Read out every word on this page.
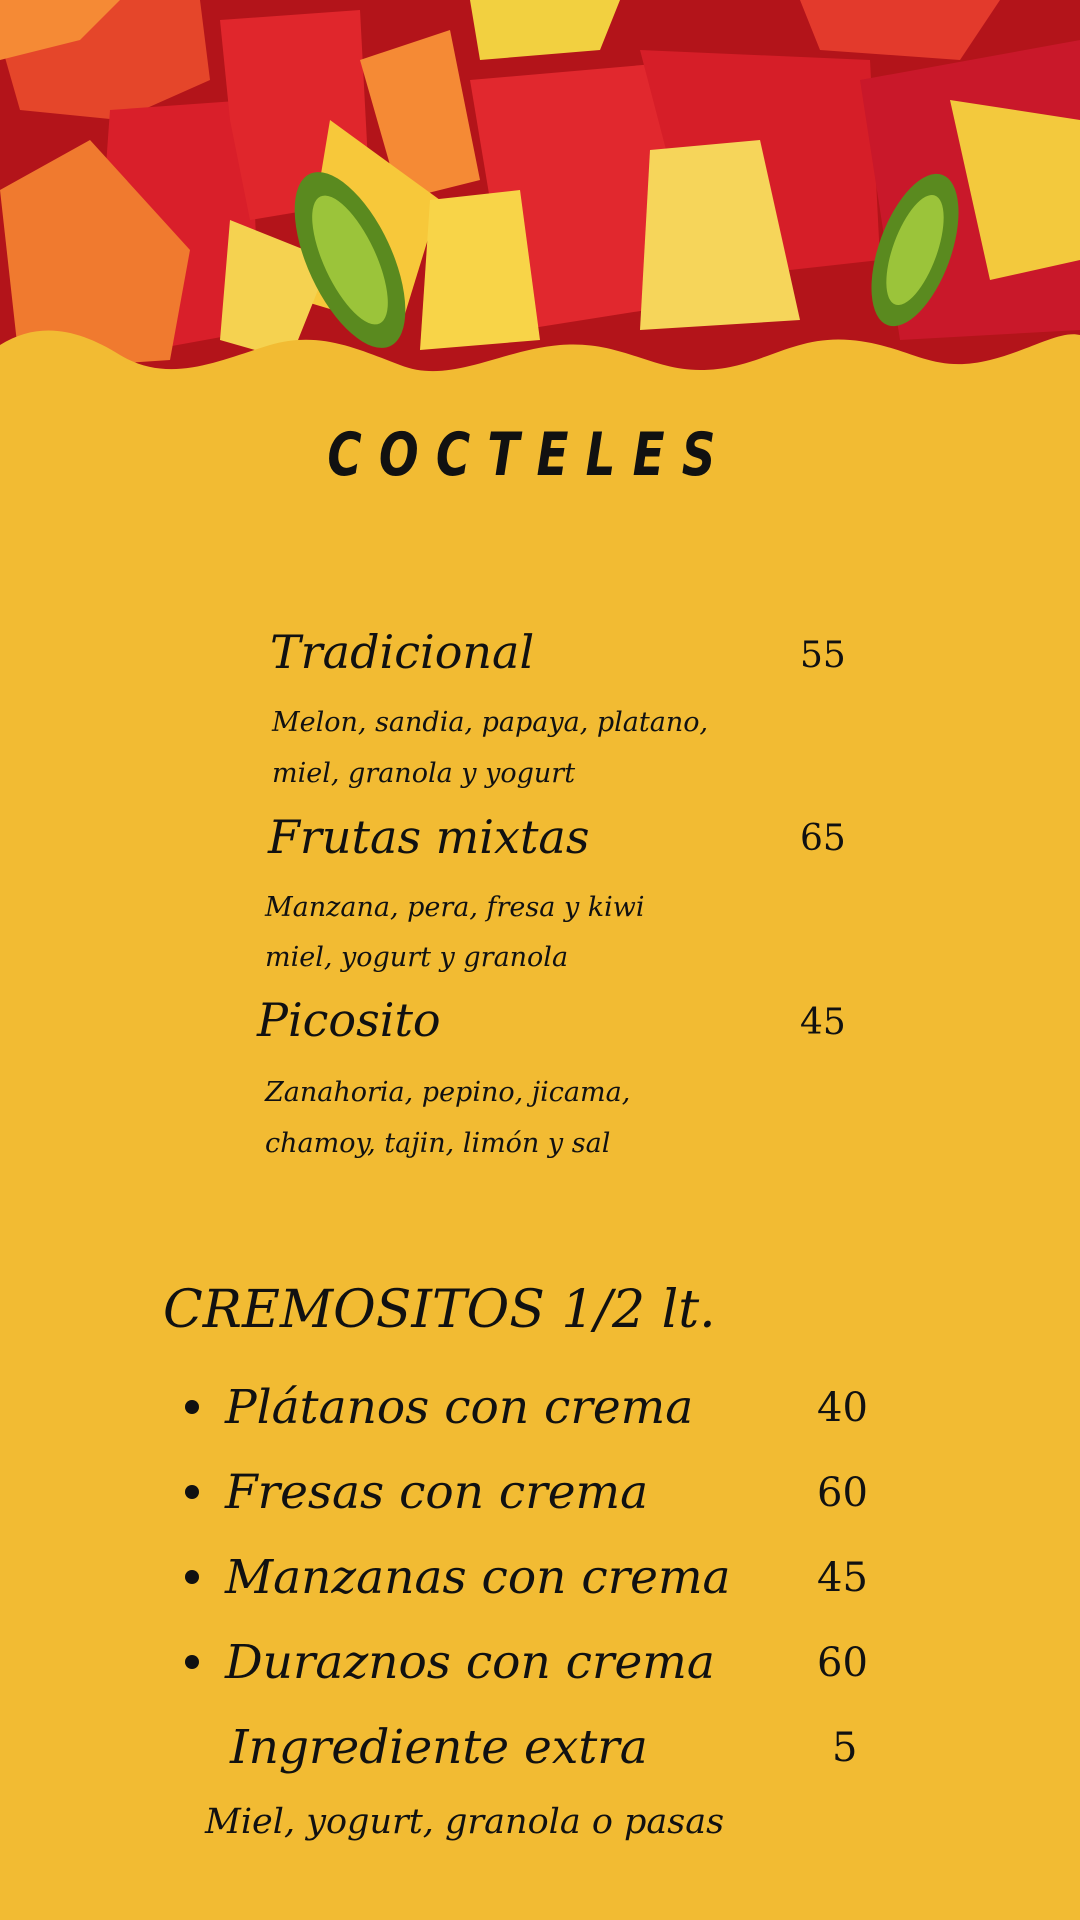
COCTELES
Tradicional	55
Melon, sandia, papaya, platano,
miel, granola y yogurt
Frutas mixtas	65
Manzana, pera, fresa y kiwi
miel, yogurt y granola
Picosito	45
Zanahoria, pepino, jicama,
chamoy, tajin, limón y sal
CREMOSITOS 1/2 lt.
Plátanos con crema	40
Fresas con crema	60
Manzanas con crema 45
Duraznos con crema	60
Ingrediente extra	5
Miel, yogurt, granola o pasas
